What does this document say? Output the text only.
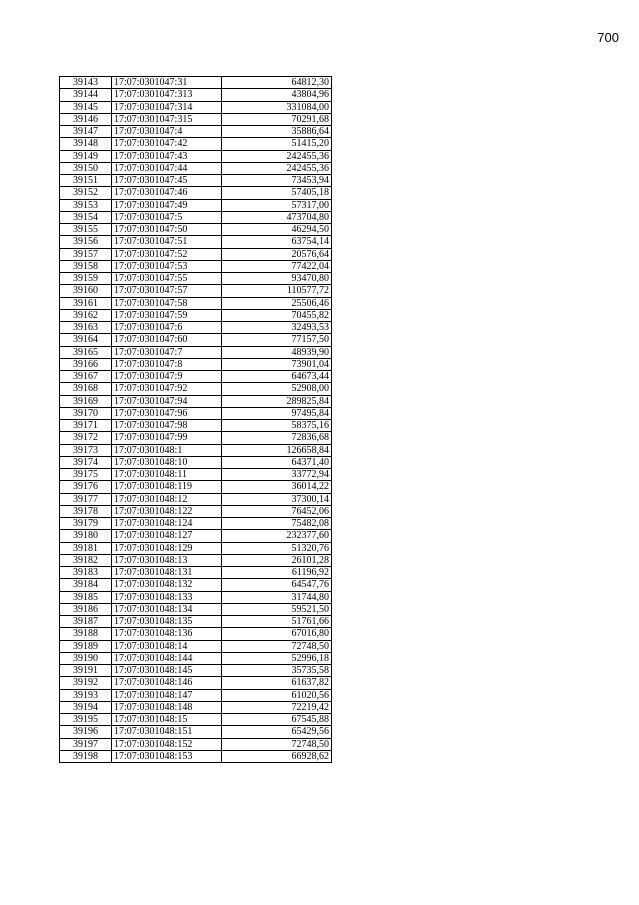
700
39143	17:07:0301047:31	64812,30
39144	17:07:0301047:313	43804,96
39145	17:07:0301047:314	331084,00
39146	17:07:0301047:315	70291,68
39147	17:07:0301047:4	35886,64
39148	17:07:0301047:42	51415,20
39149	17:07:0301047:43	242455,36
39150	17:07:0301047:44	242455,36
39151	17:07:0301047:45	73453,94
39152	17:07:0301047:46	57405,18
39153	17:07:0301047:49	57317,00
39154	17:07:0301047:5	473704,80
39155	17:07:0301047:50	46294,50
39156	17:07:0301047:51	63754,14
39157	17:07:0301047:52	20576,64
39158	17:07:0301047:53	77422,04
39159	17:07:0301047:55	93470,80
39160	17:07:0301047:57	110577,72
39161	17:07:0301047:58	25506,46
39162	17:07:0301047:59	70455,82
39163	17:07:0301047:6	32493,53
39164	17:07:0301047:60	77157,50
39165	17:07:0301047:7	48939,90
39166	17:07:0301047:8	73901,04
39167	17:07:0301047:9	64673,44
39168	17:07:0301047:92	52908,00
39169	17:07:0301047:94	289825,84
39170	17:07:0301047:96	97495,84
39171	17:07:0301047:98	58375,16
39172	17:07:0301047:99	72836,68
39173	17:07:0301048:1	126658,84
39174	17:07:0301048:10	64371,40
39175	17:07:0301048:11	33772,94
39176	17:07:0301048:119	36014,22
39177	17:07:0301048:12	37300,14
39178	17:07:0301048:122	76452,06
39179	17:07:0301048:124	75482,08
39180	17:07:0301048:127	232377,60
39181	17:07:0301048:129	51320,76
39182	17:07:0301048:13	26101,28
39183	17:07:0301048:131	61196,92
39184	17:07:0301048:132	64547,76
39185	17:07:0301048:133	31744,80
39186	17:07:0301048:134	59521,50
39187	17:07:0301048:135	51761,66
39188	17:07:0301048:136	67016,80
39189	17:07:0301048:14	72748,50
39190	17:07:0301048:144	52996,18
39191	17:07:0301048:145	35735,58
39192	17:07:0301048:146	61637,82
39193	17:07:0301048:147	61020,56
39194	17:07:0301048:148	72219,42
39195	17:07:0301048:15	67545,88
39196	17:07:0301048:151	65429,56
39197	17:07:0301048:152	72748,50
39198	17:07:0301048:153	66928,62
